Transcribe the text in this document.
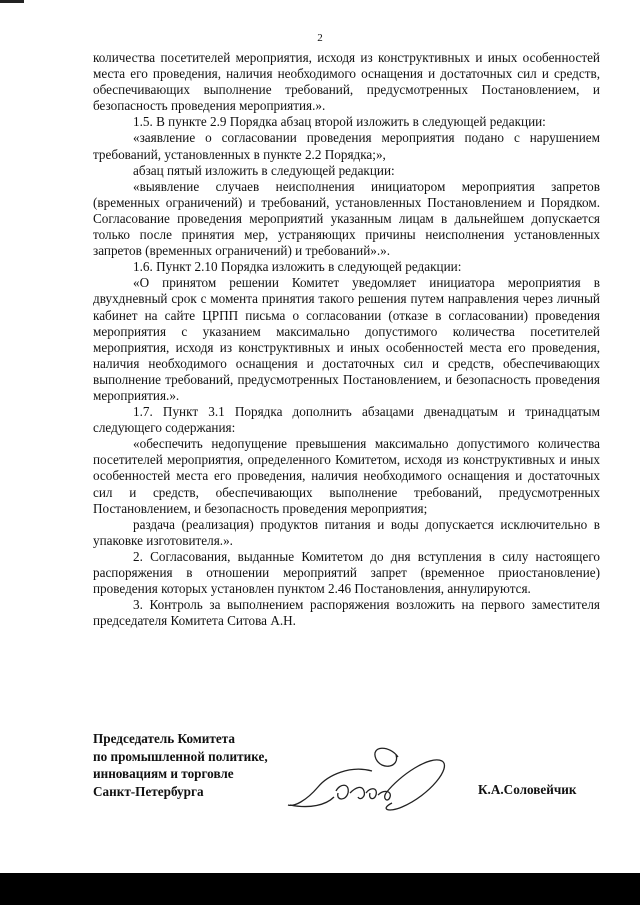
2

количества посетителей мероприятия, исходя из конструктивных и иных особенностей места его проведения, наличия необходимого оснащения и достаточных сил и средств, обеспечивающих выполнение требований, предусмотренных Постановлением, и безопасность проведения мероприятия.».

1.5. В пункте 2.9 Порядка абзац второй изложить в следующей редакции:

«заявление о согласовании проведения мероприятия подано с нарушением требований, установленных в пункте 2.2 Порядка;»,

абзац пятый изложить в следующей редакции:

«выявление случаев неисполнения инициатором мероприятия запретов (временных ограничений) и требований, установленных Постановлением и Порядком. Согласование проведения мероприятий указанным лицам в дальнейшем допускается только после принятия мер, устраняющих причины неисполнения установленных запретов (временных ограничений) и требований».».

1.6. Пункт 2.10 Порядка изложить в следующей редакции:

«О принятом решении Комитет уведомляет инициатора мероприятия в двухдневный срок с момента принятия такого решения путем направления через личный кабинет на сайте ЦРПП письма о согласовании (отказе в согласовании) проведения мероприятия с указанием максимально допустимого количества посетителей мероприятия, исходя из конструктивных и иных особенностей места его проведения, наличия необходимого оснащения и достаточных сил и средств, обеспечивающих выполнение требований, предусмотренных Постановлением, и безопасность проведения мероприятия.».

1.7. Пункт 3.1 Порядка дополнить абзацами двенадцатым и тринадцатым следующего содержания:

«обеспечить недопущение превышения максимально допустимого количества посетителей мероприятия, определенного Комитетом, исходя из конструктивных и иных особенностей места его проведения, наличия необходимого оснащения и достаточных сил и средств, обеспечивающих выполнение требований, предусмотренных Постановлением, и безопасность проведения мероприятия;

раздача (реализация) продуктов питания и воды допускается исключительно в упаковке изготовителя.».

2. Согласования, выданные Комитетом до дня вступления в силу настоящего распоряжения в отношении мероприятий запрет (временное приостановление) проведения которых установлен пунктом 2.46 Постановления, аннулируются.

3. Контроль за выполнением распоряжения возложить на первого заместителя председателя Комитета Ситова А.Н.

Председатель Комитета
по промышленной политике,
инновациям и торговле
Санкт-Петербурга	К.А.Соловейчик
